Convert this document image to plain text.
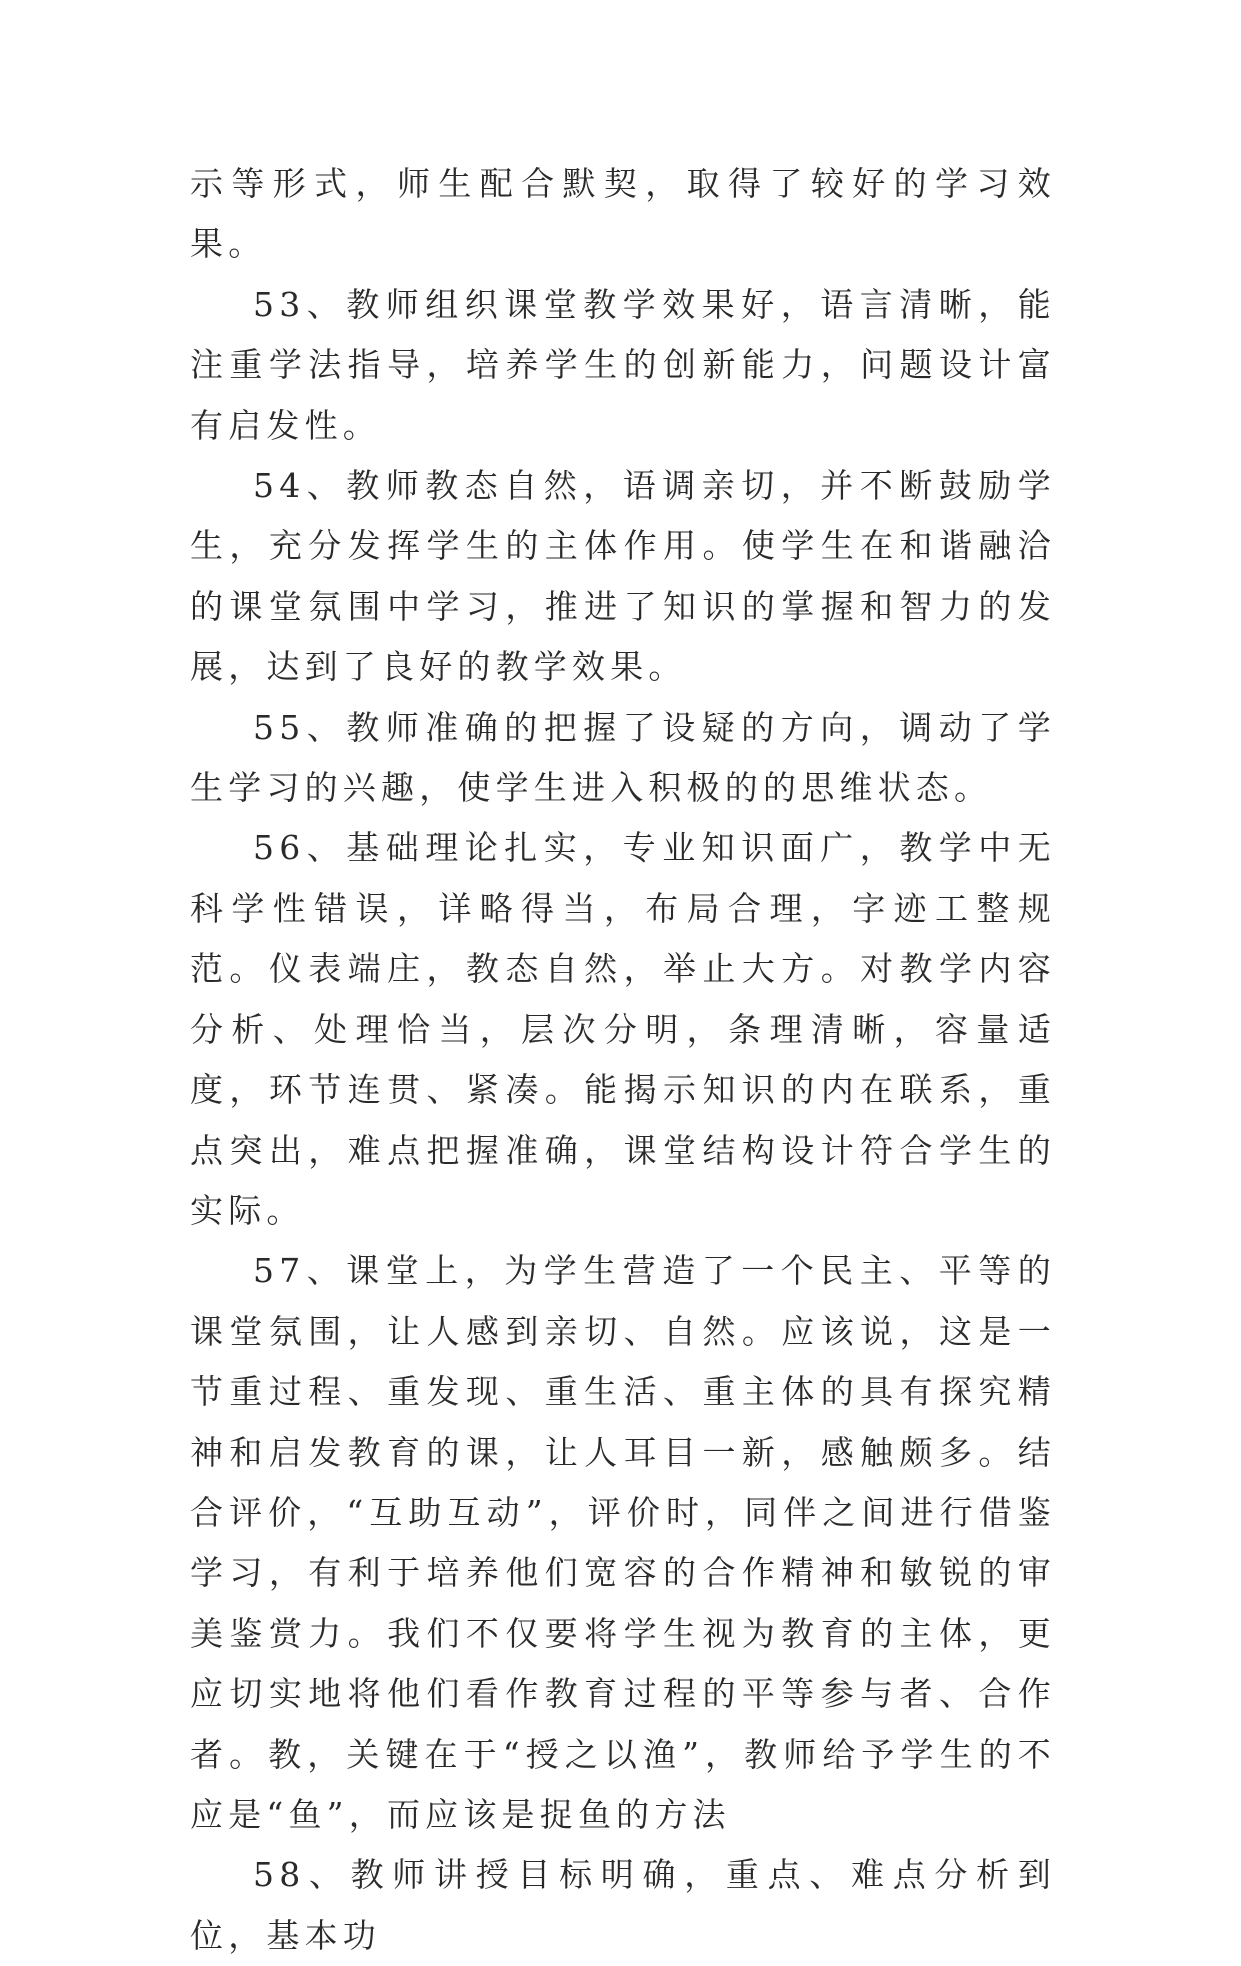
示等形式，师生配合默契，取得了较好的学习效果。

53、教师组织课堂教学效果好，语言清晰，能注重学法指导，培养学生的创新能力，问题设计富有启发性。

54、教师教态自然，语调亲切，并不断鼓励学生，充分发挥学生的主体作用。使学生在和谐融洽的课堂氛围中学习，推进了知识的掌握和智力的发展，达到了良好的教学效果。

55、教师准确的把握了设疑的方向，调动了学生学习的兴趣，使学生进入积极的的思维状态。

56、基础理论扎实，专业知识面广，教学中无科学性错误，详略得当，布局合理，字迹工整规范。仪表端庄，教态自然，举止大方。对教学内容分析、处理恰当，层次分明，条理清晰，容量适度，环节连贯、紧凑。能揭示知识的内在联系，重点突出，难点把握准确，课堂结构设计符合学生的实际。

57、课堂上，为学生营造了一个民主、平等的课堂氛围，让人感到亲切、自然。应该说，这是一节重过程、重发现、重生活、重主体的具有探究精神和启发教育的课，让人耳目一新，感触颇多。结合评价，“互助互动”，评价时，同伴之间进行借鉴学习，有利于培养他们宽容的合作精神和敏锐的审美鉴赏力。我们不仅要将学生视为教育的主体，更应切实地将他们看作教育过程的平等参与者、合作者。教，关键在于“授之以渔”，教师给予学生的不应是“鱼”，而应该是捉鱼的方法

58、教师讲授目标明确，重点、难点分析到位，基本功
